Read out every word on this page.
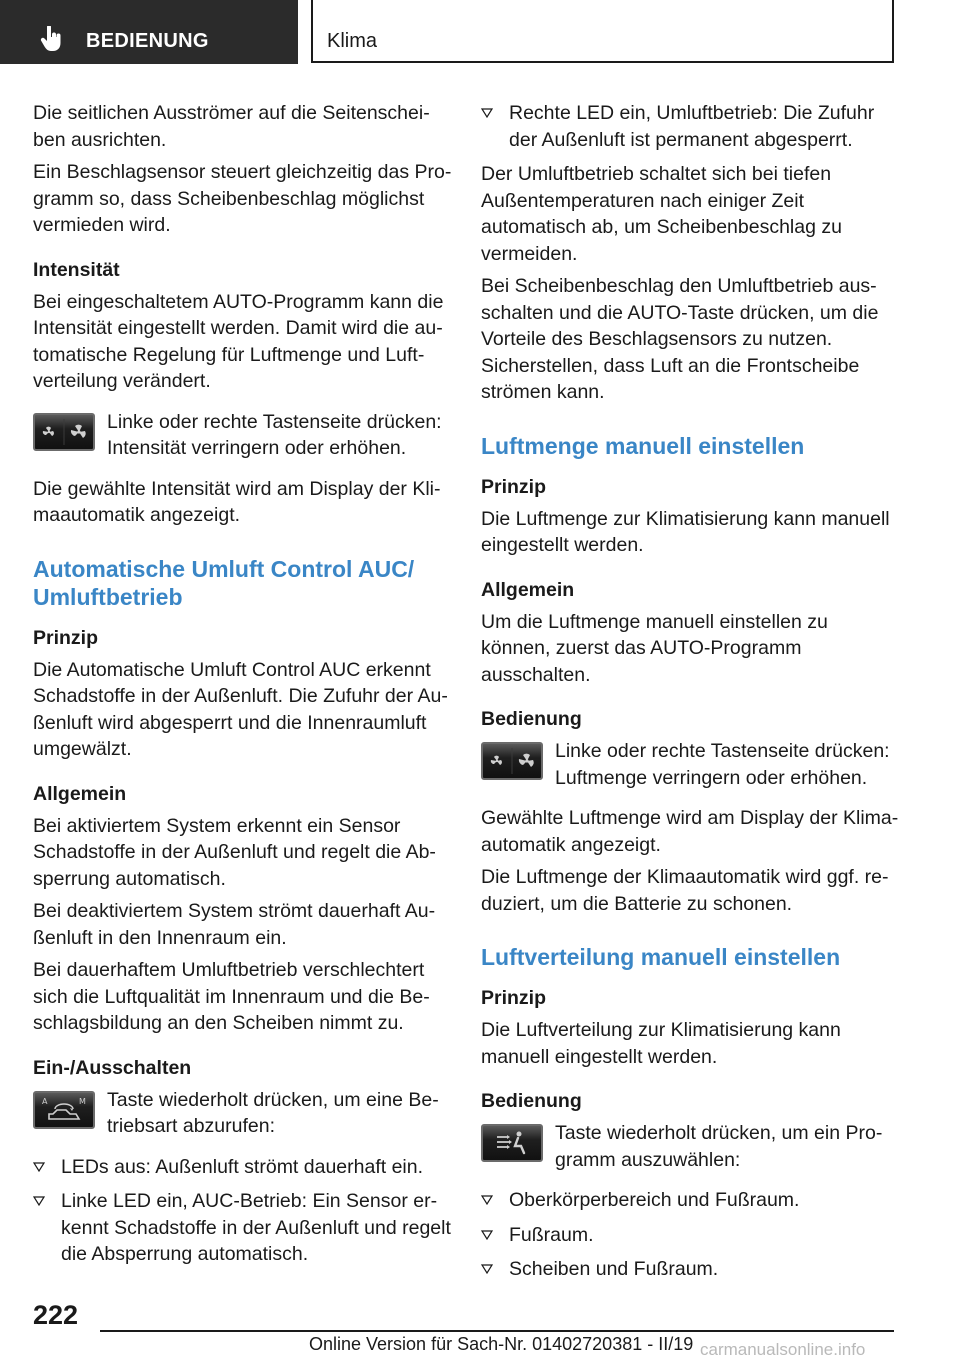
BEDIENUNG	Klima

Die seitlichen Ausströmer auf die Seitenscheiben ausrichten.

Ein Beschlagsensor steuert gleichzeitig das Programm so, dass Scheibenbeschlag möglichst vermieden wird.

Intensität

Bei eingeschaltetem AUTO-Programm kann die Intensität eingestellt werden. Damit wird die automatische Regelung für Luftmenge und Luftverteilung verändert.

Linke oder rechte Tastenseite drücken: Intensität verringern oder erhöhen.

Die gewählte Intensität wird am Display der Klimaautomatik angezeigt.

Automatische Umluft Control AUC/ Umluftbetrieb
Prinzip

Die Automatische Umluft Control AUC erkennt Schadstoffe in der Außenluft. Die Zufuhr der Außenluft wird abgesperrt und die Innenraumluft umgewälzt.

Allgemein

Bei aktiviertem System erkennt ein Sensor Schadstoffe in der Außenluft und regelt die Absperrung automatisch.

Bei deaktiviertem System strömt dauerhaft Außenluft in den Innenraum ein.

Bei dauerhaftem Umluftbetrieb verschlechtert sich die Luftqualität im Innenraum und die Beschlagsbildung an den Scheiben nimmt zu.

Ein-/Ausschalten
A	M Taste wiederholt drücken, um eine Betriebsart abzurufen:
LEDs aus: Außenluft strömt dauerhaft ein.
Linke LED ein, AUC-Betrieb: Ein Sensor erkennt Schadstoffe in der Außenluft und regelt die Absperrung automatisch.
Rechte LED ein, Umluftbetrieb: Die Zufuhr der Außenluft ist permanent abgesperrt.

Der Umluftbetrieb schaltet sich bei tiefen Außentemperaturen nach einiger Zeit automatisch ab, um Scheibenbeschlag zu vermeiden.

Bei Scheibenbeschlag den Umluftbetrieb ausschalten und die AUTO-Taste drücken, um die Vorteile des Beschlagsensors zu nutzen. Sicherstellen, dass Luft an die Frontscheibe strömen kann.

Luftmenge manuell einstellen
Prinzip

Die Luftmenge zur Klimatisierung kann manuell eingestellt werden.

Allgemein

Um die Luftmenge manuell einstellen zu können, zuerst das AUTO-Programm ausschalten.

Bedienung
Linke oder rechte Tastenseite drücken: Luftmenge verringern oder erhöhen.

Gewählte Luftmenge wird am Display der Klimaautomatik angezeigt.

Die Luftmenge der Klimaautomatik wird ggf. reduziert, um die Batterie zu schonen.

Luftverteilung manuell einstellen
Prinzip

Die Luftverteilung zur Klimatisierung kann manuell eingestellt werden.

Bedienung
Taste wiederholt drücken, um ein Programm auszuwählen:
Oberkörperbereich und Fußraum.
Fußraum.
Scheiben und Fußraum.
222
Online Version für Sach-Nr. 01402720381 - II/19 carmanualsonline.info
